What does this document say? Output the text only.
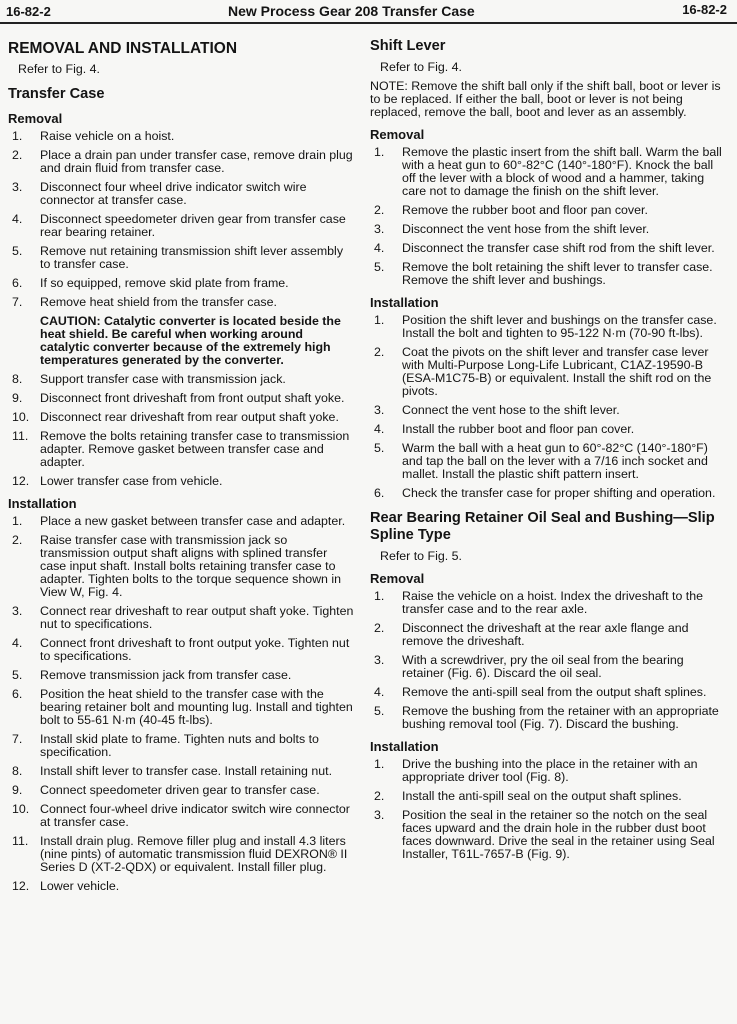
16-82-2	New Process Gear 208 Transfer Case	16-82-2
REMOVAL AND INSTALLATION
Refer to Fig. 4.
Transfer Case
Removal
1. Raise vehicle on a hoist.
2. Place a drain pan under transfer case, remove drain plug and drain fluid from transfer case.
3. Disconnect four wheel drive indicator switch wire connector at transfer case.
4. Disconnect speedometer driven gear from transfer case rear bearing retainer.
5. Remove nut retaining transmission shift lever assembly to transfer case.
6. If so equipped, remove skid plate from frame.
7. Remove heat shield from the transfer case.
CAUTION: Catalytic converter is located beside the heat shield. Be careful when working around catalytic converter because of the extremely high temperatures generated by the converter.
8. Support transfer case with transmission jack.
9. Disconnect front driveshaft from front output shaft yoke.
10. Disconnect rear driveshaft from rear output shaft yoke.
11. Remove the bolts retaining transfer case to transmission adapter. Remove gasket between transfer case and adapter.
12. Lower transfer case from vehicle.
Installation
1. Place a new gasket between transfer case and adapter.
2. Raise transfer case with transmission jack so transmission output shaft aligns with splined transfer case input shaft. Install bolts retaining transfer case to adapter. Tighten bolts to the torque sequence shown in View W, Fig. 4.
3. Connect rear driveshaft to rear output shaft yoke. Tighten nut to specifications.
4. Connect front driveshaft to front output yoke. Tighten nut to specifications.
5. Remove transmission jack from transfer case.
6. Position the heat shield to the transfer case with the bearing retainer bolt and mounting lug. Install and tighten bolt to 55-61 N·m (40-45 ft-lbs).
7. Install skid plate to frame. Tighten nuts and bolts to specification.
8. Install shift lever to transfer case. Install retaining nut.
9. Connect speedometer driven gear to transfer case.
10. Connect four-wheel drive indicator switch wire connector at transfer case.
11. Install drain plug. Remove filler plug and install 4.3 liters (nine pints) of automatic transmission fluid DEXRON® II Series D (XT-2-QDX) or equivalent. Install filler plug.
12. Lower vehicle.
Shift Lever
Refer to Fig. 4.
NOTE: Remove the shift ball only if the shift ball, boot or lever is to be replaced. If either the ball, boot or lever is not being replaced, remove the ball, boot and lever as an assembly.
Removal
1. Remove the plastic insert from the shift ball. Warm the ball with a heat gun to 60°-82°C (140°-180°F). Knock the ball off the lever with a block of wood and a hammer, taking care not to damage the finish on the shift lever.
2. Remove the rubber boot and floor pan cover.
3. Disconnect the vent hose from the shift lever.
4. Disconnect the transfer case shift rod from the shift lever.
5. Remove the bolt retaining the shift lever to transfer case. Remove the shift lever and bushings.
Installation
1. Position the shift lever and bushings on the transfer case. Install the bolt and tighten to 95-122 N·m (70-90 ft-lbs).
2. Coat the pivots on the shift lever and transfer case lever with Multi-Purpose Long-Life Lubricant, C1AZ-19590-B (ESA-M1C75-B) or equivalent. Install the shift rod on the pivots.
3. Connect the vent hose to the shift lever.
4. Install the rubber boot and floor pan cover.
5. Warm the ball with a heat gun to 60°-82°C (140°-180°F) and tap the ball on the lever with a 7/16 inch socket and mallet. Install the plastic shift pattern insert.
6. Check the transfer case for proper shifting and operation.
Rear Bearing Retainer Oil Seal and Bushing—Slip Spline Type
Refer to Fig. 5.
Removal
1. Raise the vehicle on a hoist. Index the driveshaft to the transfer case and to the rear axle.
2. Disconnect the driveshaft at the rear axle flange and remove the driveshaft.
3. With a screwdriver, pry the oil seal from the bearing retainer (Fig. 6). Discard the oil seal.
4. Remove the anti-spill seal from the output shaft splines.
5. Remove the bushing from the retainer with an appropriate bushing removal tool (Fig. 7). Discard the bushing.
Installation
1. Drive the bushing into the place in the retainer with an appropriate driver tool (Fig. 8).
2. Install the anti-spill seal on the output shaft splines.
3. Position the seal in the retainer so the notch on the seal faces upward and the drain hole in the rubber dust boot faces downward. Drive the seal in the retainer using Seal Installer, T61L-7657-B (Fig. 9).
